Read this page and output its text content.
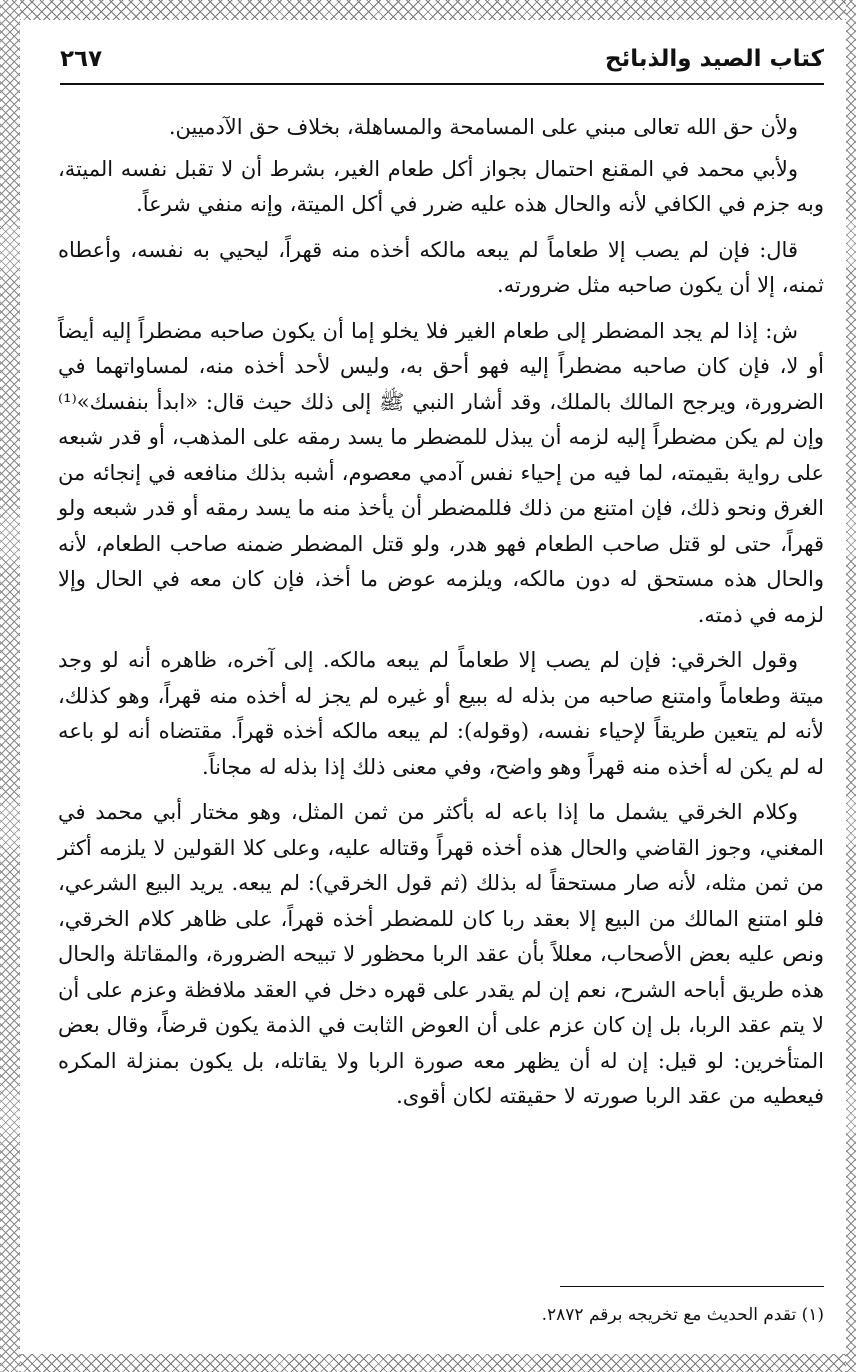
كتاب الصيد والذبائح
٢٦٧

ولأن حق الله تعالى مبني على المسامحة والمساهلة، بخلاف حق الآدميين.

ولأبي محمد في المقنع احتمال بجواز أكل طعام الغير، بشرط أن لا تقبل نفسه الميتة، وبه جزم في الكافي لأنه والحال هذه عليه ضرر في أكل الميتة، وإنه منفي شرعاً.

قال: فإن لم يصب إلا طعاماً لم يبعه مالكه أخذه منه قهراً، ليحيي به نفسه، وأعطاه ثمنه، إلا أن يكون صاحبه مثل ضرورته.

ش: إذا لم يجد المضطر إلى طعام الغير فلا يخلو إما أن يكون صاحبه مضطراً إليه أيضاً أو لا، فإن كان صاحبه مضطراً إليه فهو أحق به، وليس لأحد أخذه منه، لمساواتهما في الضرورة، ويرجح المالك بالملك، وقد أشار النبي ﷺ إلى ذلك حيث قال: «ابدأ بنفسك»⁽¹⁾ وإن لم يكن مضطراً إليه لزمه أن يبذل للمضطر ما يسد رمقه على المذهب، أو قدر شبعه على رواية بقيمته، لما فيه من إحياء نفس آدمي معصوم، أشبه بذلك منافعه في إنجائه من الغرق ونحو ذلك، فإن امتنع من ذلك فللمضطر أن يأخذ منه ما يسد رمقه أو قدر شبعه ولو قهراً، حتى لو قتل صاحب الطعام فهو هدر، ولو قتل المضطر ضمنه صاحب الطعام، لأنه والحال هذه مستحق له دون مالكه، ويلزمه عوض ما أخذ، فإن كان معه في الحال وإلا لزمه في ذمته.

وقول الخرقي: فإن لم يصب إلا طعاماً لم يبعه مالكه. إلى آخره، ظاهره أنه لو وجد ميتة وطعاماً وامتنع صاحبه من بذله له ببيع أو غيره لم يجز له أخذه منه قهراً، وهو كذلك، لأنه لم يتعين طريقاً لإحياء نفسه، (وقوله): لم يبعه مالكه أخذه قهراً. مقتضاه أنه لو باعه له لم يكن له أخذه منه قهراً وهو واضح، وفي معنى ذلك إذا بذله له مجاناً.

وكلام الخرقي يشمل ما إذا باعه له بأكثر من ثمن المثل، وهو مختار أبي محمد في المغني، وجوز القاضي والحال هذه أخذه قهراً وقتاله عليه، وعلى كلا القولين لا يلزمه أكثر من ثمن مثله، لأنه صار مستحقاً له بذلك (ثم قول الخرقي): لم يبعه. يريد البيع الشرعي، فلو امتنع المالك من البيع إلا بعقد ربا كان للمضطر أخذه قهراً، على ظاهر كلام الخرقي، ونص عليه بعض الأصحاب، معللاً بأن عقد الربا محظور لا تبيحه الضرورة، والمقاتلة والحال هذه طريق أباحه الشرح، نعم إن لم يقدر على قهره دخل في العقد ملافظة وعزم على أن لا يتم عقد الربا، بل إن كان عزم على أن العوض الثابت في الذمة يكون قرضاً، وقال بعض المتأخرين: لو قيل: إن له أن يظهر معه صورة الربا ولا يقاتله، بل يكون بمنزلة المكره فيعطيه من عقد الربا صورته لا حقيقته لكان أقوى.

(١) تقدم الحديث مع تخريجه برقم ٢٨٧٢.
